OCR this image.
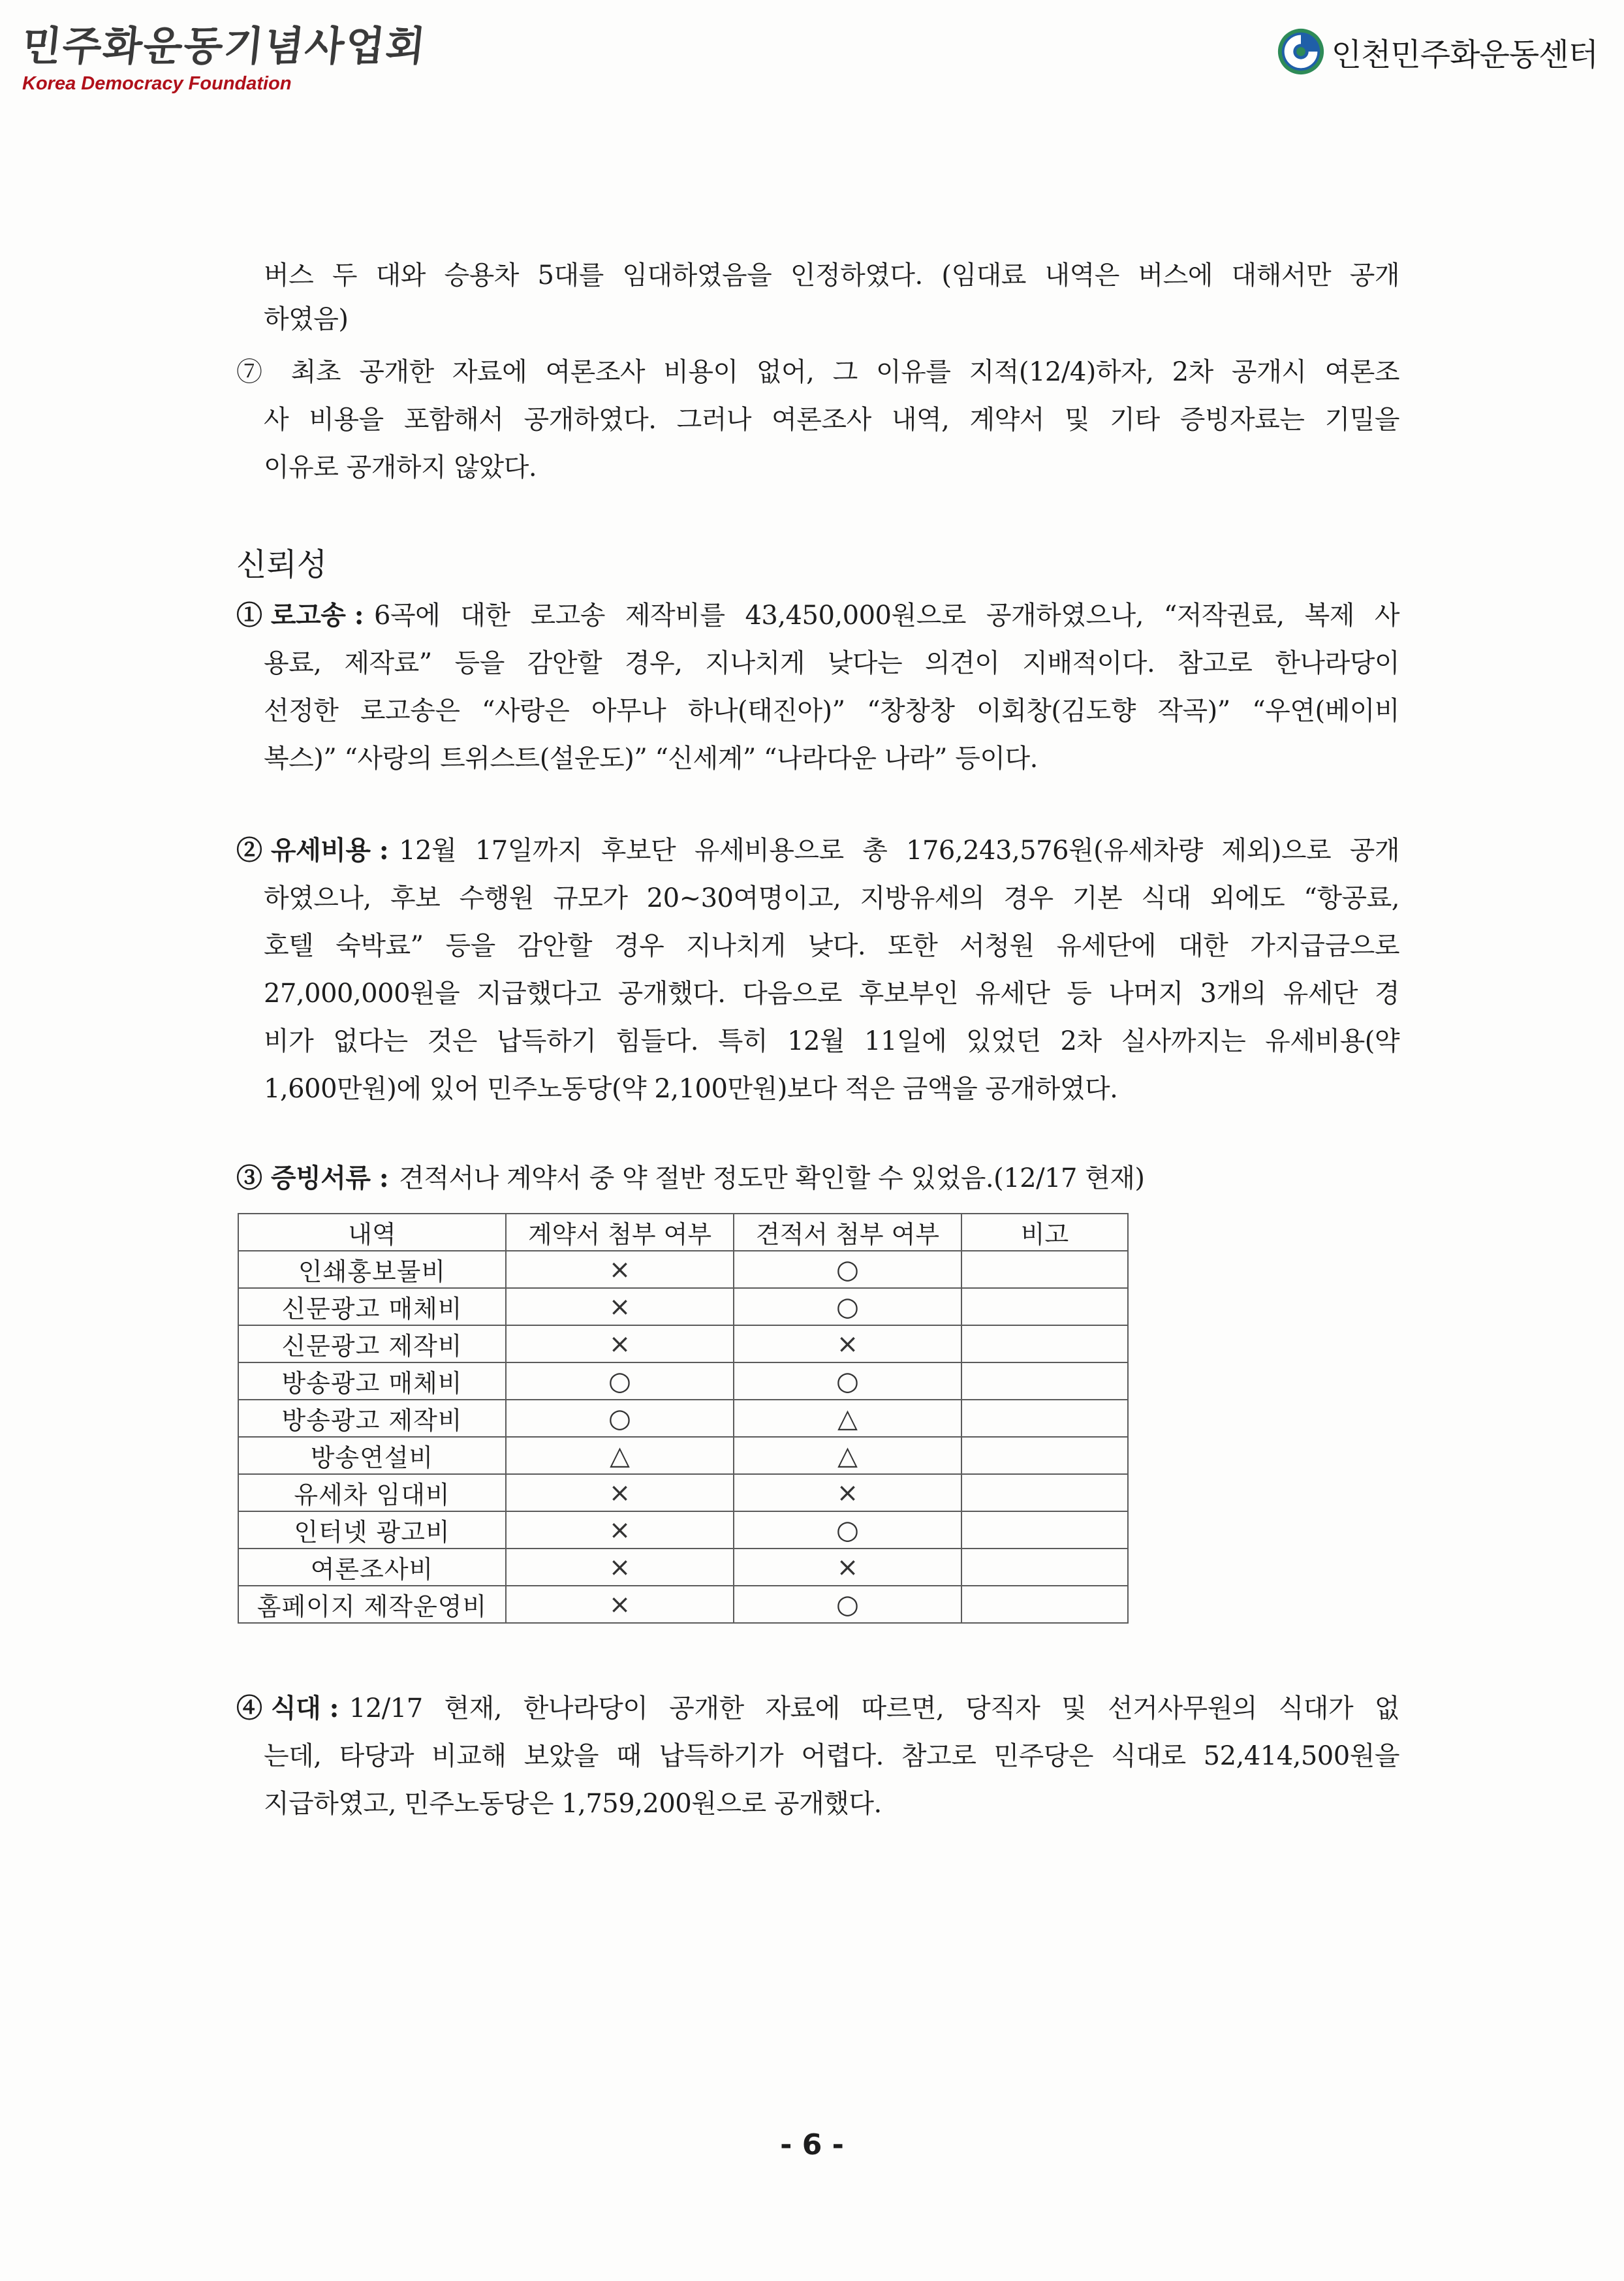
민주화운동기념사업회
Korea Democracy Foundation
인천민주화운동센터
버스 두 대와 승용차 5대를 임대하였음을 인정하였다. (임대료 내역은 버스에 대해서만 공개
하였음)
⑦ 최초 공개한 자료에 여론조사 비용이 없어, 그 이유를 지적(12/4)하자, 2차 공개시 여론조
사 비용을 포함해서 공개하였다. 그러나 여론조사 내역, 계약서 및 기타 증빙자료는 기밀을
이유로 공개하지 않았다.
신뢰성
① 로고송 : 6곡에 대한 로고송 제작비를 43,450,000원으로 공개하였으나, “저작권료, 복제 사
용료, 제작료” 등을 감안할 경우, 지나치게 낮다는 의견이 지배적이다. 참고로 한나라당이
선정한 로고송은 “사랑은 아무나 하나(태진아)” “창창창 이회창(김도향 작곡)” “우연(베이비
복스)” “사랑의 트위스트(설운도)” “신세계” “나라다운 나라” 등이다.
② 유세비용 : 12월 17일까지 후보단 유세비용으로 총 176,243,576원(유세차량 제외)으로 공개
하였으나, 후보 수행원 규모가 20~30여명이고, 지방유세의 경우 기본 식대 외에도 “항공료,
호텔 숙박료” 등을 감안할 경우 지나치게 낮다. 또한 서청원 유세단에 대한 가지급금으로
27,000,000원을 지급했다고 공개했다. 다음으로 후보부인 유세단 등 나머지 3개의 유세단 경
비가 없다는 것은 납득하기 힘들다. 특히 12월 11일에 있었던 2차 실사까지는 유세비용(약
1,600만원)에 있어 민주노동당(약 2,100만원)보다 적은 금액을 공개하였다.
③ 증빙서류 : 견적서나 계약서 중 약 절반 정도만 확인할 수 있었음.(12/17 현재)
내역	계약서 첨부 여부	견적서 첨부 여부	비고
인쇄홍보물비	×	○	
신문광고 매체비	×	○	
신문광고 제작비	×	×	
방송광고 매체비	○	○	
방송광고 제작비	○	△	
방송연설비	△	△	
유세차 임대비	×	×	
인터넷 광고비	×	○	
여론조사비	×	×	
홈페이지 제작운영비	×	○	
④ 식대 : 12/17 현재, 한나라당이 공개한 자료에 따르면, 당직자 및 선거사무원의 식대가 없
는데, 타당과 비교해 보았을 때 납득하기가 어렵다. 참고로 민주당은 식대로 52,414,500원을
지급하였고, 민주노동당은 1,759,200원으로 공개했다.
- 6 -
